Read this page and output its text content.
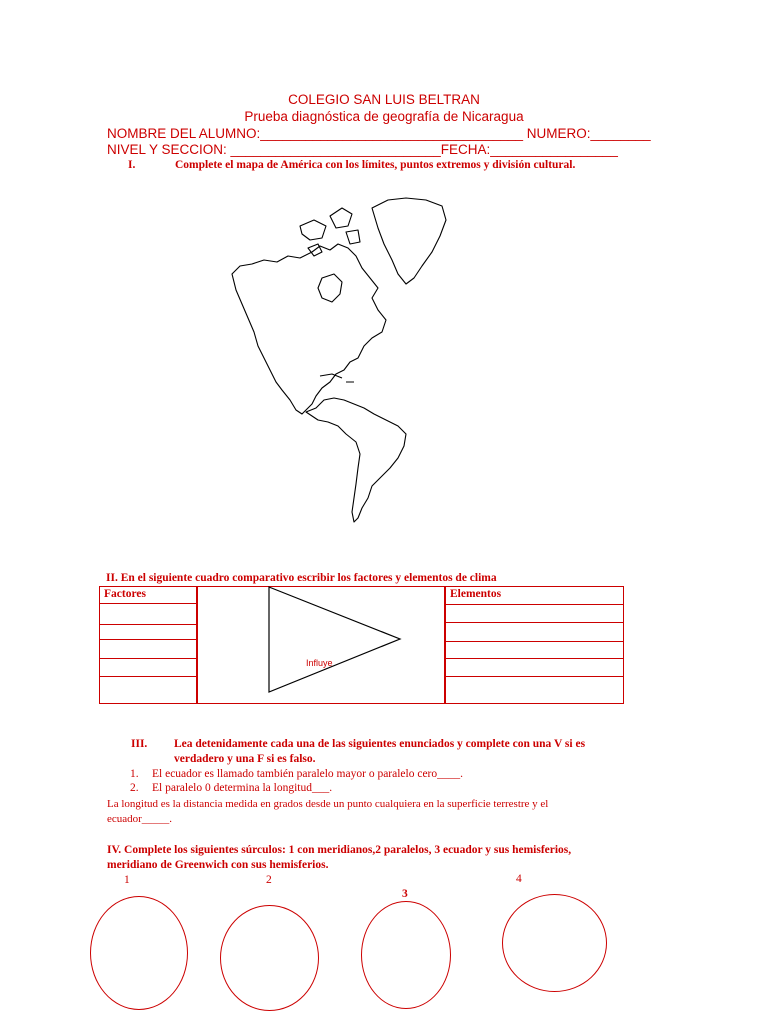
COLEGIO SAN LUIS BELTRAN
Prueba diagnóstica de geografía de Nicaragua
NOMBRE DEL ALUMNO:___________________________________ NUMERO:________
NIVEL Y SECCION: ____________________________FECHA:_________________
I.	Complete el mapa de América con los límites, puntos extremos y división cultural.
II. En el siguiente cuadro comparativo escribir los factores y elementos de clima
Factores
Influye
Elementos
III. Lea detenidamente cada una de las siguientes enunciados y complete con una V si es
verdadero y una F si es falso.
1. El ecuador es llamado también paralelo mayor o paralelo cero____.
2. El paralelo 0 determina la longitud___.
La longitud es la distancia medida en grados desde un punto cualquiera en la superficie terrestre y el
ecuador_____.
IV. Complete los siguientes súrculos: 1 con meridianos,2 paralelos, 3 ecuador y sus hemisferios,
meridiano de Greenwich con sus hemisferios.
1	2
3
4
